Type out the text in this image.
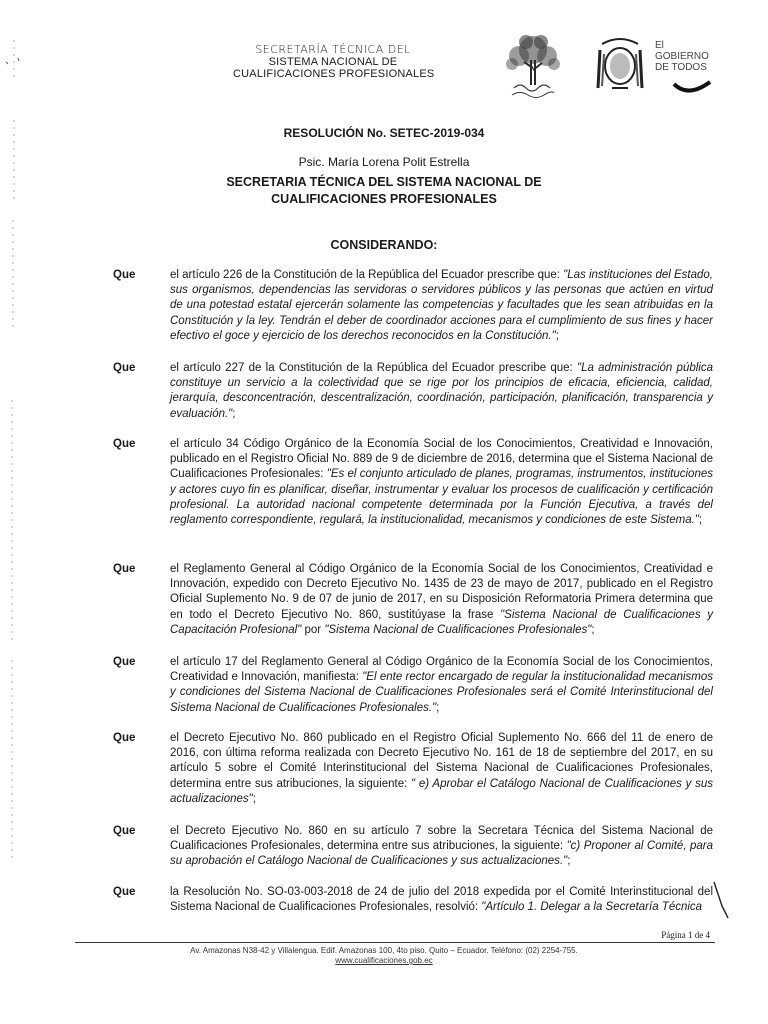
SECRETARÍA TÉCNICA DEL
SISTEMA NACIONAL DE
CUALIFICACIONES PROFESIONALES
El
GOBIERNO
DE TODOS
RESOLUCIÓN No. SETEC-2019-034
Psic. María Lorena Polit Estrella
SECRETARIA TÉCNICA DEL SISTEMA NACIONAL DE
CUALIFICACIONES PROFESIONALES
CONSIDERANDO:
Que	el artículo 226 de la Constitución de la República del Ecuador prescribe que: "Las instituciones del Estado, sus organismos, dependencias las servidoras o servidores públicos y las personas que actúen en virtud de una potestad estatal ejercerán solamente las competencias y facultades que les sean atribuidas en la Constitución y la ley. Tendrán el deber de coordinador acciones para el cumplimiento de sus fines y hacer efectivo el goce y ejercicio de los derechos reconocidos en la Constitución.";
Que	el artículo 227 de la Constitución de la República del Ecuador prescribe que: "La administración pública constituye un servicio a la colectividad que se rige por los principios de eficacia, eficiencia, calidad, jerarquía, desconcentración, descentralización, coordinación, participación, planificación, transparencia y evaluación.";
Que	el artículo 34 Código Orgánico de la Economía Social de los Conocimientos, Creatividad e Innovación, publicado en el Registro Oficial No. 889 de 9 de diciembre de 2016, determina que el Sistema Nacional de Cualificaciones Profesionales: "Es el conjunto articulado de planes, programas, instrumentos, instituciones y actores cuyo fin es planificar, diseñar, instrumentar y evaluar los procesos de cualificación y certificación profesional. La autoridad nacional competente determinada por la Función Ejecutiva, a través del reglamento correspondiente, regulará, la institucionalidad, mecanismos y condiciones de este Sistema.";
Que	el Reglamento General al Código Orgánico de la Economía Social de los Conocimientos, Creatividad e Innovación, expedido con Decreto Ejecutivo No. 1435 de 23 de mayo de 2017, publicado en el Registro Oficial Suplemento No. 9 de 07 de junio de 2017, en su Disposición Reformatoria Primera determina que en todo el Decreto Ejecutivo No. 860, sustitúyase la frase "Sistema Nacional de Cualificaciones y Capacitación Profesional" por "Sistema Nacional de Cualificaciones Profesionales";
Que	el artículo 17 del Reglamento General al Código Orgánico de la Economía Social de los Conocimientos, Creatividad e Innovación, manifiesta: "El ente rector encargado de regular la institucionalidad mecanismos y condiciones del Sistema Nacional de Cualificaciones Profesionales será el Comité Interinstitucional del Sistema Nacional de Cualificaciones Profesionales.";
Que	el Decreto Ejecutivo No. 860 publicado en el Registro Oficial Suplemento No. 666 del 11 de enero de 2016, con última reforma realizada con Decreto Ejecutivo No. 161 de 18 de septiembre del 2017, en su artículo 5 sobre el Comité Interinstitucional del Sistema Nacional de Cualificaciones Profesionales, determina entre sus atribuciones, la siguiente: " e) Aprobar el Catálogo Nacional de Cualificaciones y sus actualizaciones";
Que	el Decreto Ejecutivo No. 860 en su artículo 7 sobre la Secretara Técnica del Sistema Nacional de Cualificaciones Profesionales, determina entre sus atribuciones, la siguiente: "c) Proponer al Comité, para su aprobación el Catálogo Nacional de Cualificaciones y sus actualizaciones.";
Que	la Resolución No. SO-03-003-2018 de 24 de julio del 2018 expedida por el Comité Interinstitucional del Sistema Nacional de Cualificaciones Profesionales, resolvió: "Artículo 1. Delegar a la Secretaría Técnica
Página 1 de 4
Av. Amazonas N38-42 y Villalengua. Edif. Amazonas 100, 4to piso. Quito – Ecuador. Teléfono: (02) 2254-755.
www.cualificaciones.gob.ec
